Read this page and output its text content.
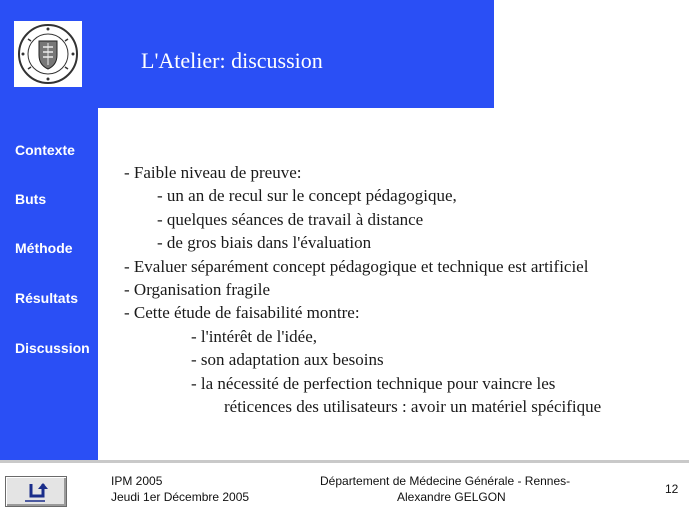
L'Atelier: discussion
Contexte
Buts
Méthode
Résultats
Discussion
- Faible niveau de preuve:
- un an de recul sur le concept pédagogique,
- quelques séances de travail à distance
- de gros biais dans l'évaluation
- Evaluer séparément concept pédagogique et technique est artificiel
- Organisation fragile
- Cette étude de faisabilité montre:
- l'intérêt de l'idée,
- son adaptation aux besoins
- la nécessité de perfection technique pour vaincre les
réticences des utilisateurs : avoir un matériel spécifique
IPM 2005
Jeudi 1er Décembre 2005
Département de Médecine Générale - Rennes-
Alexandre GELGON
12
